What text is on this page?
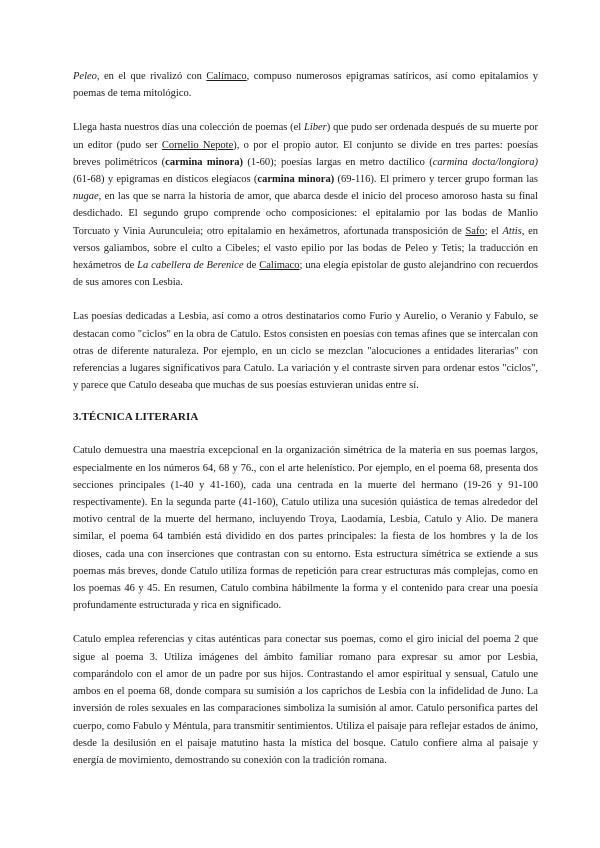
Peleo, en el que rivalizó con Calímaco, compuso numerosos epigramas satíricos, así como epitalamios y poemas de tema mitológico.

Llega hasta nuestros días una colección de poemas (el Liber) que pudo ser ordenada después de su muerte por un editor (pudo ser Cornelio Nepote), o por el propio autor. El conjunto se divide en tres partes: poesías breves polimétricos (carmina minora) (1-60); poesías largas en metro dactílico (carmina docta/longiora) (61-68) y epigramas en dísticos elegíacos (carmina minora) (69-116). El primero y tercer grupo forman las nugae, en las que se narra la historia de amor, que abarca desde el inicio del proceso amoroso hasta su final desdichado. El segundo grupo comprende ocho composiciones: el epitalamio por las bodas de Manlio Torcuato y Vinia Aurunculeia; otro epitalamio en hexámetros, afortunada transposición de Safo; el Attis, en versos galiambos, sobre el culto a Cibeles; el vasto epilio por las bodas de Peleo y Tetis; la traducción en hexámetros de La cabellera de Berenice de Calímaco; una elegía epistolar de gusto alejandrino con recuerdos de sus amores con Lesbia.

Las poesías dedicadas a Lesbia, así como a otros destinatarios como Furio y Aurelio, o Veranio y Fabulo, se destacan como "ciclos" en la obra de Catulo. Estos consisten en poesías con temas afines que se intercalan con otras de diferente naturaleza. Por ejemplo, en un ciclo se mezclan "alocuciones a entidades literarias" con referencias a lugares significativos para Catulo. La variación y el contraste sirven para ordenar estos "ciclos", y parece que Catulo deseaba que muchas de sus poesías estuvieran unidas entre sí.

3.TÉCNICA LITERARIA

Catulo demuestra una maestría excepcional en la organización simétrica de la materia en sus poemas largos, especialmente en los números 64, 68 y 76., con el arte helenístico. Por ejemplo, en el poema 68, presenta dos secciones principales (1-40 y 41-160), cada una centrada en la muerte del hermano (19-26 y 91-100 respectivamente). En la segunda parte (41-160), Catulo utiliza una sucesión quiástica de temas alrededor del motivo central de la muerte del hermano, incluyendo Troya, Laodamía, Lesbia, Catulo y Alio. De manera similar, el poema 64 también está dividido en dos partes principales: la fiesta de los hombres y la de los dioses, cada una con inserciones que contrastan con su entorno. Esta estructura simétrica se extiende a sus poemas más breves, donde Catulo utiliza formas de repetición para crear estructuras más complejas, como en los poemas 46 y 45. En resumen, Catulo combina hábilmente la forma y el contenido para crear una poesía profundamente estructurada y rica en significado.

Catulo emplea referencias y citas auténticas para conectar sus poemas, como el giro inicial del poema 2 que sigue al poema 3. Utiliza imágenes del ámbito familiar romano para expresar su amor por Lesbia, comparándolo con el amor de un padre por sus hijos. Contrastando el amor espiritual y sensual, Catulo une ambos en el poema 68, donde compara su sumisión a los caprichos de Lesbia con la infidelidad de Juno. La inversión de roles sexuales en las comparaciones simboliza la sumisión al amor. Catulo personifica partes del cuerpo, como Fabulo y Méntula, para transmitir sentimientos. Utiliza el paisaje para reflejar estados de ánimo, desde la desilusión en el paisaje matutino hasta la mística del bosque. Catulo confiere alma al paisaje y energía de movimiento, demostrando su conexión con la tradición romana.
